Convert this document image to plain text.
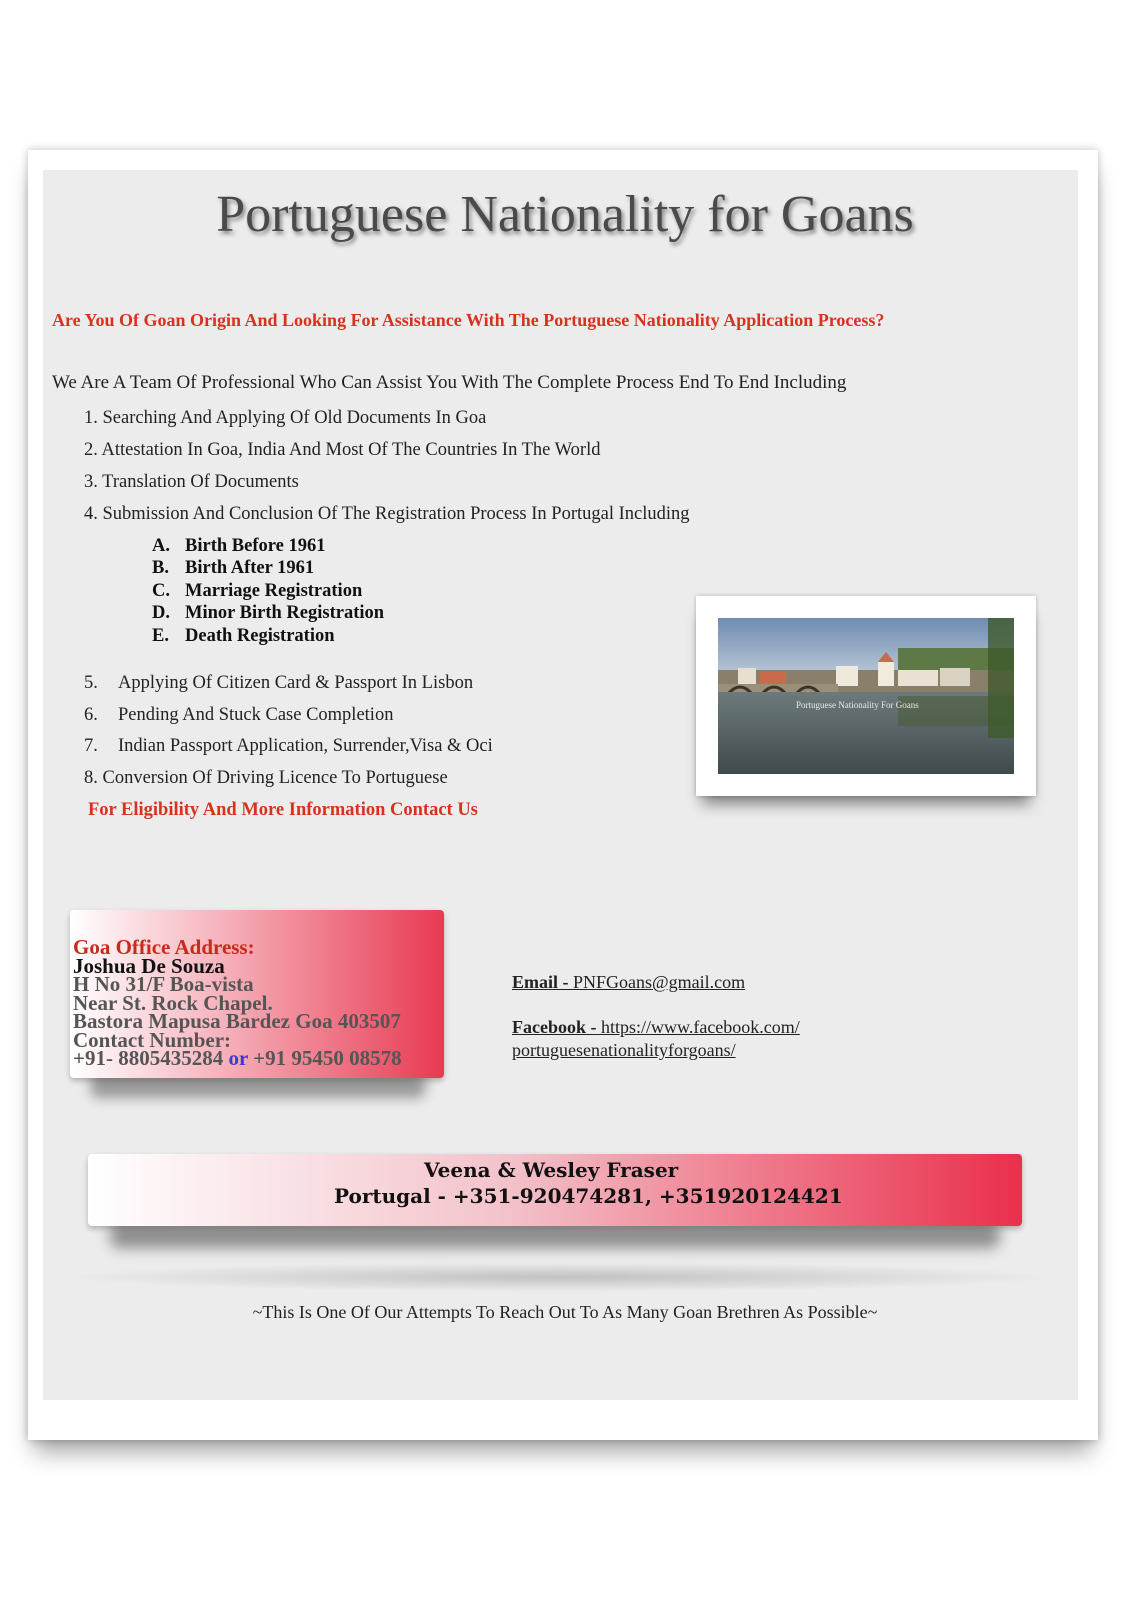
Portuguese Nationality for Goans
Are You Of Goan Origin And Looking For Assistance With The Portuguese Nationality Application Process?
We Are A Team Of Professional Who Can Assist You With The Complete Process End To End Including
1. Searching And Applying Of Old Documents In Goa
2. Attestation In Goa, India And Most Of The Countries In The World
3. Translation Of Documents
4. Submission And Conclusion Of The Registration Process In Portugal Including
A. Birth Before 1961
B. Birth After 1961
C. Marriage Registration
D. Minor Birth Registration
E. Death Registration
5. Applying Of Citizen Card & Passport In Lisbon
6. Pending And Stuck Case Completion
7. Indian Passport Application, Surrender,Visa & Oci
8. Conversion Of Driving Licence To Portuguese
For Eligibility And More Information Contact Us
Portuguese Nationality For Goans
Goa Office Address:
Joshua De Souza
H No 31/F Boa-vista
Near St. Rock Chapel.
Bastora Mapusa Bardez Goa 403507
Contact Number:
+91- 8805435284 or +91 95450 08578
Email - PNFGoans@gmail.com
Facebook - https://www.facebook.com/
portuguesenationalityforgoans/
Veena & Wesley Fraser
Portugal - +351-920474281, +351920124421
~This Is One Of Our Attempts To Reach Out To As Many Goan Brethren As Possible~
